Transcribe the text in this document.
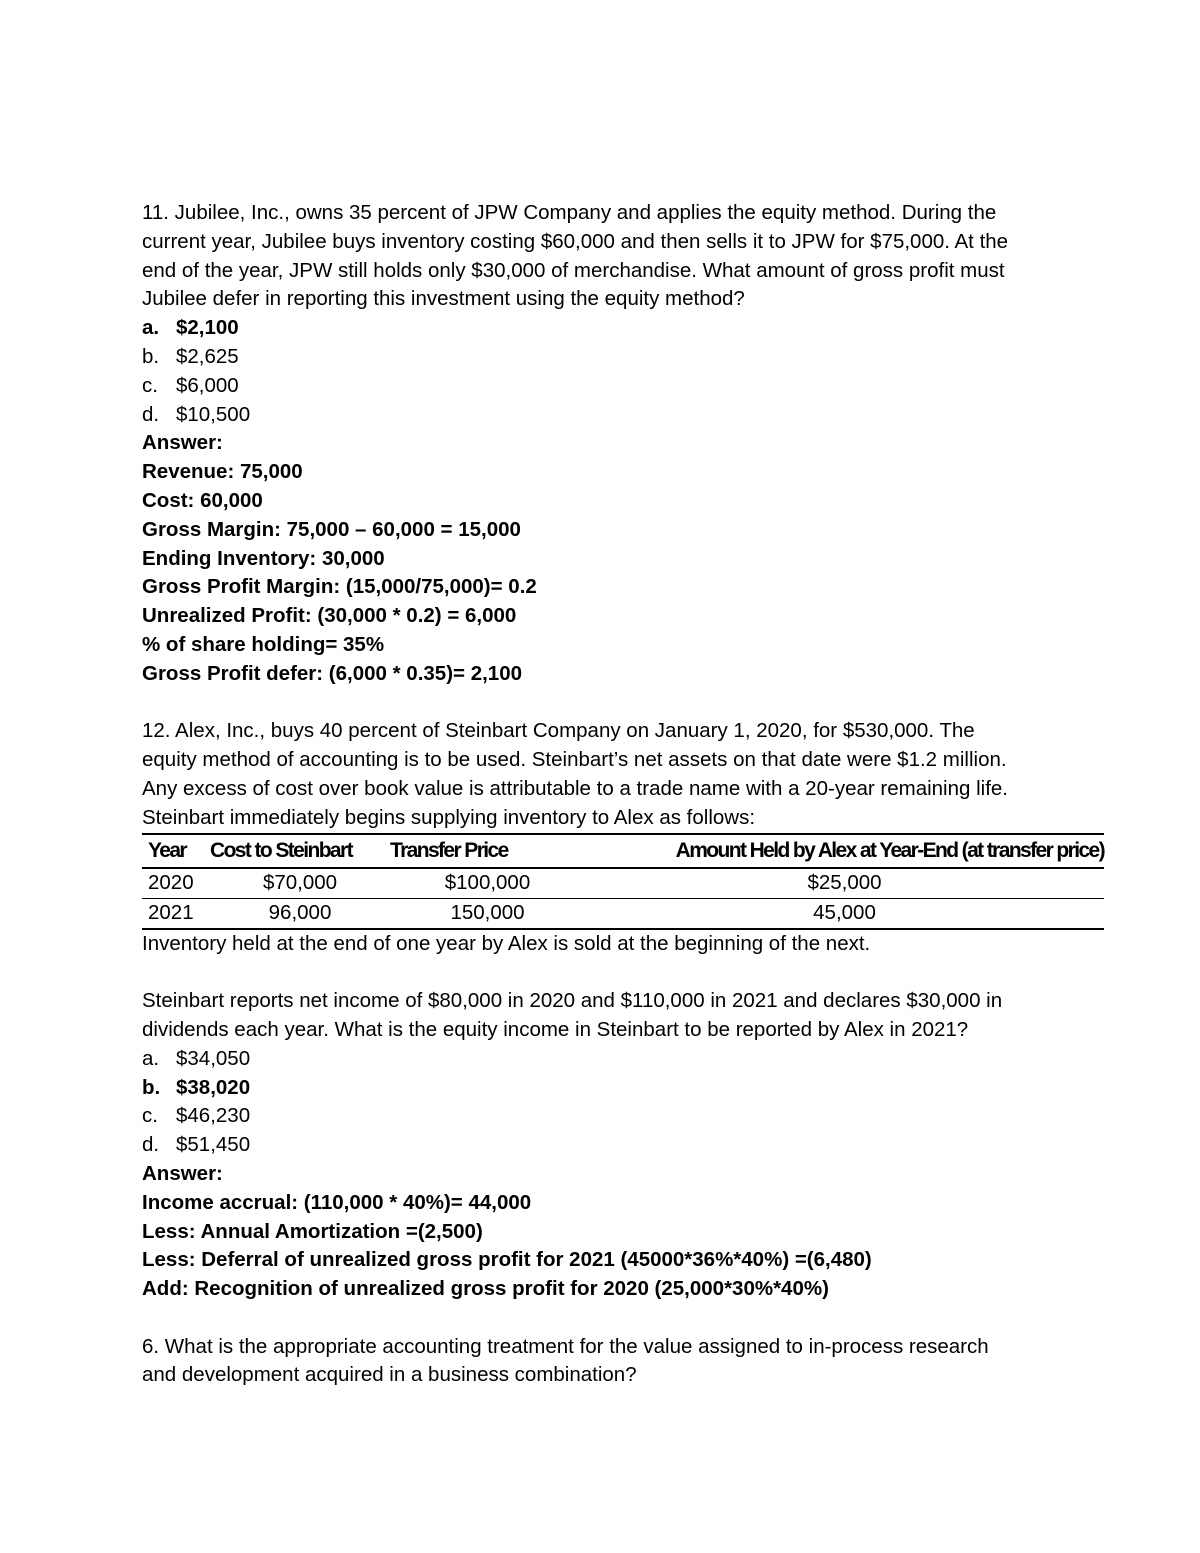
11. Jubilee, Inc., owns 35 percent of JPW Company and applies the equity method. During the
current year, Jubilee buys inventory costing $60,000 and then sells it to JPW for $75,000. At the
end of the year, JPW still holds only $30,000 of merchandise. What amount of gross profit must
Jubilee defer in reporting this investment using the equity method?
a. $2,100
b. $2,625
c. $6,000
d. $10,500
Answer:
Revenue: 75,000
Cost: 60,000
Gross Margin: 75,000 – 60,000 = 15,000
Ending Inventory: 30,000
Gross Profit Margin: (15,000/75,000)= 0.2
Unrealized Profit: (30,000 * 0.2) = 6,000
% of share holding= 35%
Gross Profit defer: (6,000 * 0.35)= 2,100
12. Alex, Inc., buys 40 percent of Steinbart Company on January 1, 2020, for $530,000. The
equity method of accounting is to be used. Steinbart’s net assets on that date were $1.2 million.
Any excess of cost over book value is attributable to a trade name with a 20-year remaining life.
Steinbart immediately begins supplying inventory to Alex as follows:
Year	Cost to Steinbart	Transfer Price	Amount Held by Alex at Year-End (at transfer price)
2020	$70,000	$100,000	$25,000
2021	96,000	150,000	45,000
Inventory held at the end of one year by Alex is sold at the beginning of the next.
Steinbart reports net income of $80,000 in 2020 and $110,000 in 2021 and declares $30,000 in
dividends each year. What is the equity income in Steinbart to be reported by Alex in 2021?
a. $34,050
b. $38,020
c. $46,230
d. $51,450
Answer:
Income accrual: (110,000 * 40%)= 44,000
Less: Annual Amortization =(2,500)
Less: Deferral of unrealized gross profit for 2021 (45000*36%*40%) =(6,480)
Add: Recognition of unrealized gross profit for 2020 (25,000*30%*40%)
6. What is the appropriate accounting treatment for the value assigned to in-process research
and development acquired in a business combination?
